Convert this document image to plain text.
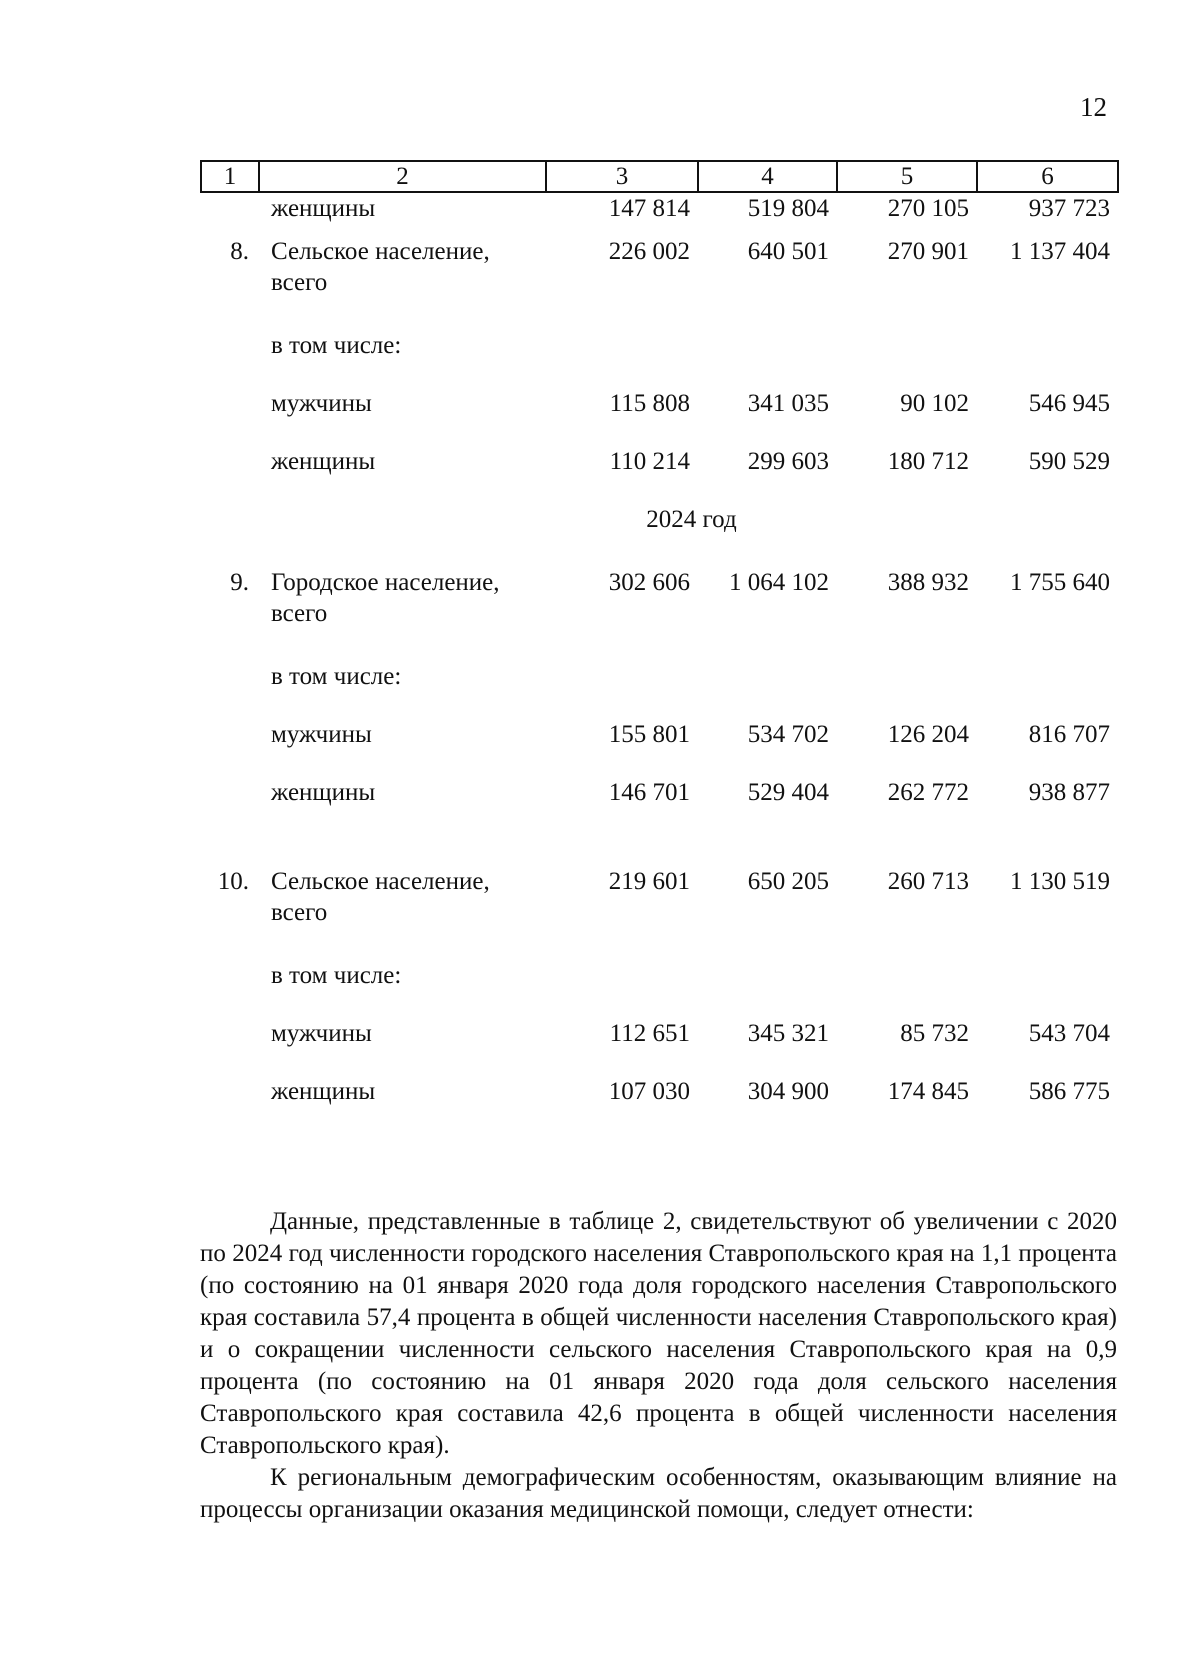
12
1	2	3	4	5	6
	женщины	147 814	519 804	270 105	937 723
8.	Сельское население, всего	226 002	640 501	270 901	1 137 404
	в том числе:				
	мужчины	115 808	341 035	90 102	546 945
	женщины	110 214	299 603	180 712	590 529
		2024 год			
9.	Городское население, всего	302 606	1 064 102	388 932	1 755 640
	в том числе:				
	мужчины	155 801	534 702	126 204	816 707
	женщины	146 701	529 404	262 772	938 877
10.	Сельское население, всего	219 601	650 205	260 713	1 130 519
	в том числе:				
	мужчины	112 651	345 321	85 732	543 704
	женщины	107 030	304 900	174 845	586 775

Данные, представленные в таблице 2, свидетельствуют об увеличении с 2020 по 2024 год численности городского населения Ставропольского края на 1,1 процента (по состоянию на 01 января 2020 года доля городского населения Ставропольского края составила 57,4 процента в общей численности населения Ставропольского края) и о сокращении численности сельского населения Ставропольского края на 0,9 процента (по состоянию на 01 января 2020 года доля сельского населения Ставропольского края составила 42,6 процента в общей численности населения Ставропольского края).

К региональным демографическим особенностям, оказывающим влияние на процессы организации оказания медицинской помощи, следует отнести:
